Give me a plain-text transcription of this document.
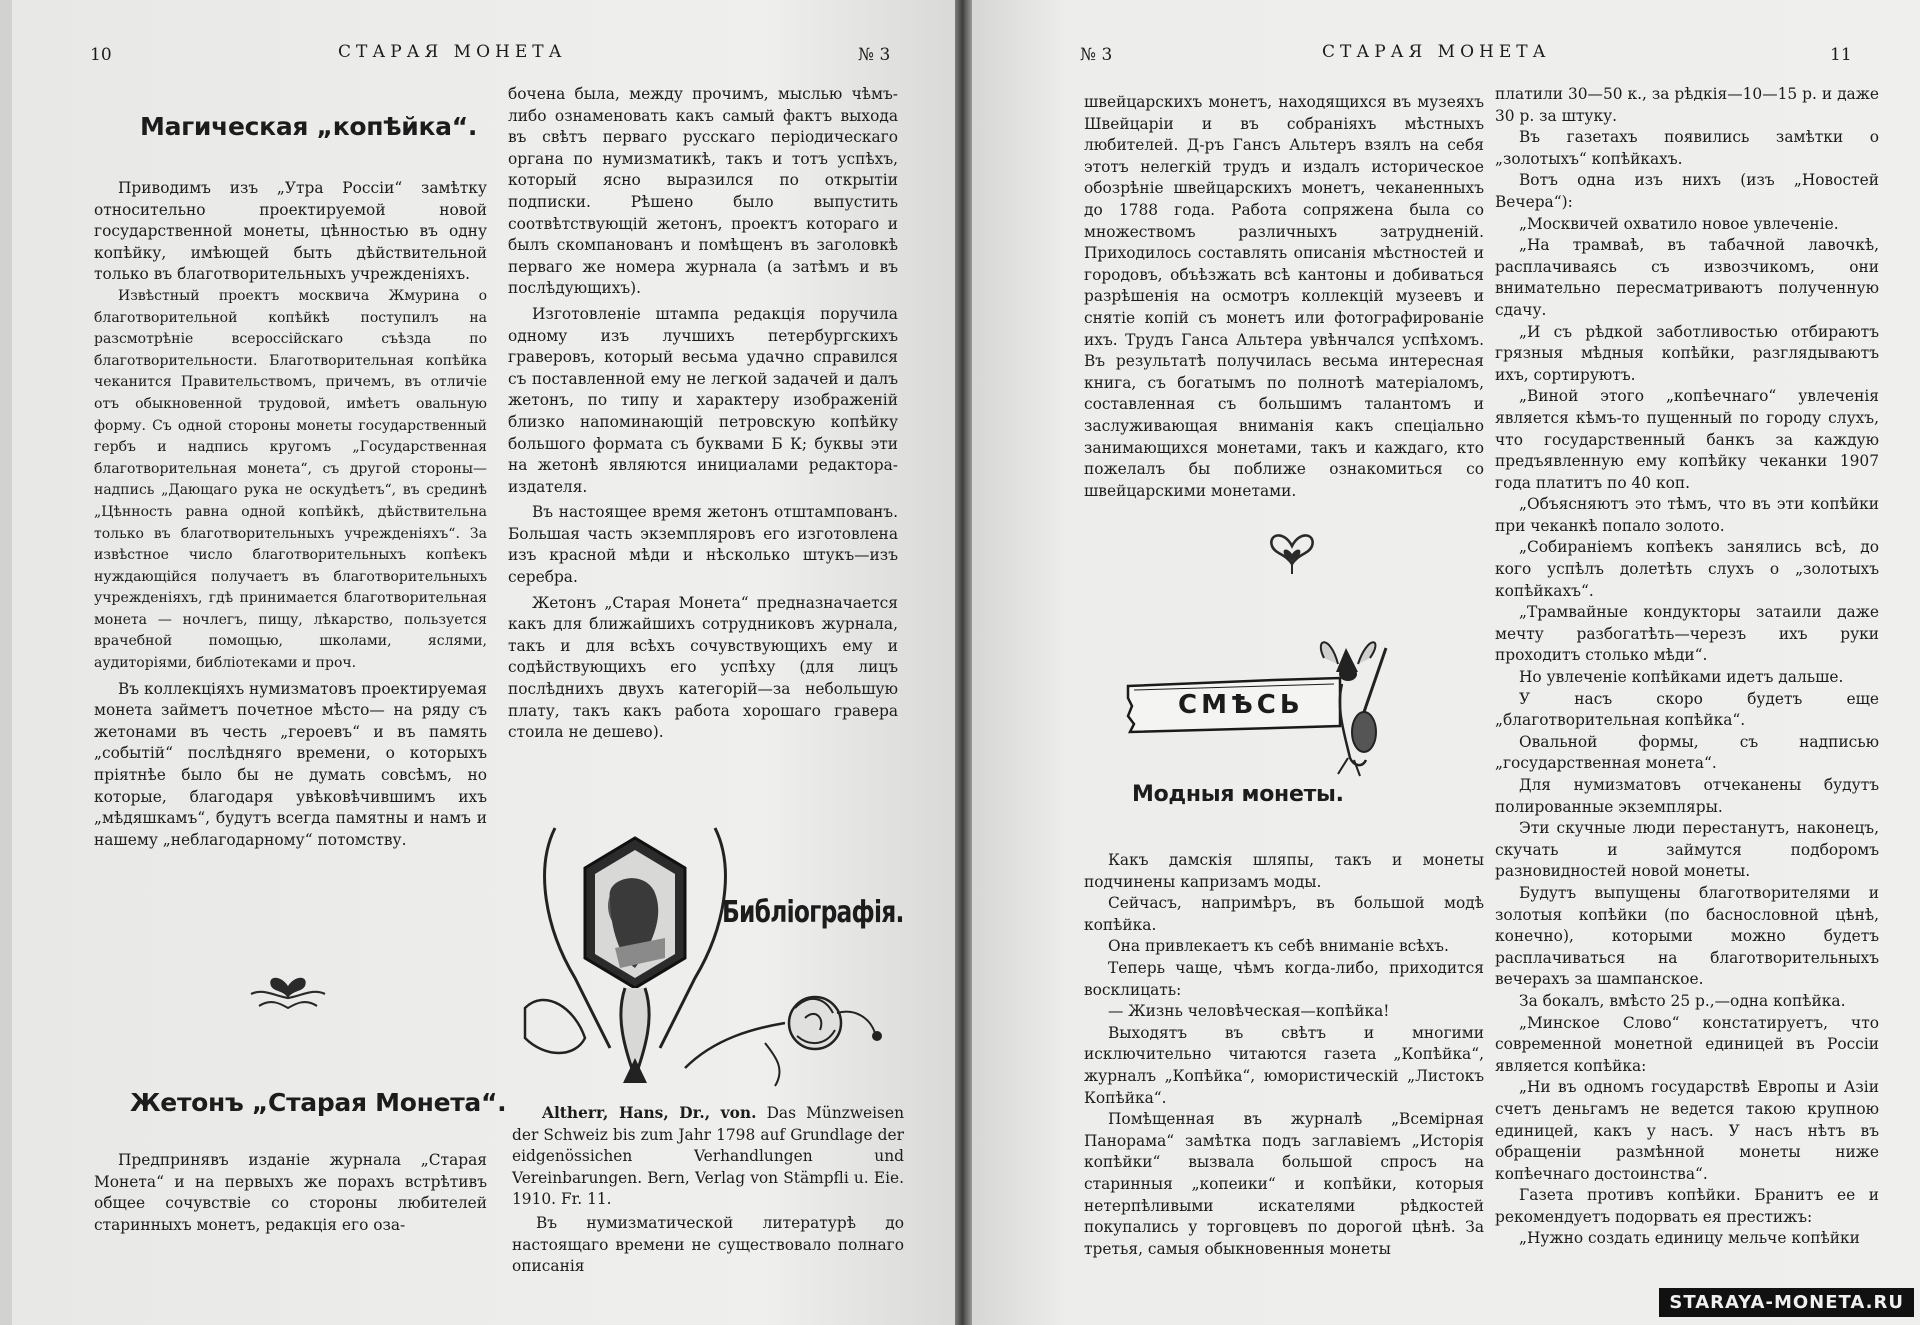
10	СТАРАЯ МОНЕТА	№ 3
Магическая „копѣйка“.

Приводимъ изъ „Утра Россiи“ замѣтку относительно проектируемой новой государственной монеты, цѣнностью въ одну копѣйку, имѣющей быть дѣйствительной только въ благотворительныхъ учрежденiяхъ.

Извѣстный проектъ москвича Жмурина о благотворительной копѣйкѣ поступилъ на разсмотрѣнiе всероссiйскаго съѣзда по благотворительности. Благотворительная копѣйка чеканится Правительствомъ, причемъ, въ отличiе отъ обыкновенной трудовой, имѣетъ овальную форму. Съ одной стороны монеты государственный гербъ и надпись кругомъ „Государственная благотворительная монета“, съ другой стороны—надпись „Дающаго рука не оскудѣетъ“, въ срединѣ „Цѣнность равна одной копѣйкѣ, дѣйствительна только въ благотворительныхъ учрежденiяхъ“. За извѣстное число благотворительныхъ копѣекъ нуждающiйся получаетъ въ благотворительныхъ учрежденiяхъ, гдѣ принимается благотворительная монета — ночлегъ, пищу, лѣкарство, пользуется врачебной помощью, школами, яслями, аудиторiями, библiотеками и проч.

Въ коллекцiяхъ нумизматовъ проектируемая монета займетъ почетное мѣсто— на ряду съ жетонами въ честь „героевъ“ и въ память „событiй“ послѣдняго времени, о которыхъ прiятнѣе было бы не думать совсѣмъ, но которые, благодаря увѣковѣчившимъ ихъ „мѣдяшкамъ“, будутъ всегда памятны и намъ и нашему „неблагодарному“ потомству.

Жетонъ „Старая Монета“.

Предпринявъ изданiе журнала „Старая Монета“ и на первыхъ же порахъ встрѣтивъ общее сочувствiе со стороны любителей старинныхъ монетъ, редакцiя его оза-

бочена была, между прочимъ, мыслью чѣмъ-либо ознаменовать какъ самый фактъ выхода въ свѣтъ перваго русскаго перiодическаго органа по нумизматикѣ, такъ и тотъ успѣхъ, который ясно выразился по открытiи подписки. Рѣшено было выпустить соотвѣтствующiй жетонъ, проектъ котораго и былъ скомпанованъ и помѣщенъ въ заголовкѣ перваго же номера журнала (а затѣмъ и въ послѣдующихъ).

Изготовленiе штампа редакцiя поручила одному изъ лучшихъ петербургскихъ граверовъ, который весьма удачно справился съ поставленной ему не легкой задачей и далъ жетонъ, по типу и характеру изображенiй близко напоминающiй петровскую копѣйку большого формата съ буквами Б К; буквы эти на жетонѣ являются инициалами редактора-издателя.

Въ настоящее время жетонъ отштампованъ. Большая часть экземпляровъ его изготовлена изъ красной мѣди и нѣсколько штукъ—изъ серебра.

Жетонъ „Старая Монета“ предназначается какъ для ближайшихъ сотрудниковъ журнала, такъ и для всѣхъ сочувствующихъ ему и содѣйствующихъ его успѣху (для лицъ послѣднихъ двухъ категорiй—за небольшую плату, такъ какъ работа хорошаго гравера стоила не дешево).

Библiографiя.

Altherr, Hans, Dr., von. Das Münzweisen der Schweiz bis zum Jahr 1798 auf Grundlage der eidgenössichen Verhandlungen und Vereinbarungen. Bern, Verlag von Stämpfli u. Eie. 1910. Fr. 11.

Въ нумизматической литературѣ до настоящаго времени не существовало полнаго описанiя

№ 3	СТАРАЯ МОНЕТА	11

швейцарскихъ монетъ, находящихся въ музеяхъ Швейцарiи и въ собранiяхъ мѣстныхъ любителей. Д-ръ Гансъ Альтеръ взялъ на себя этотъ нелегкiй трудъ и издалъ историческое обозрѣнiе швейцарскихъ монетъ, чеканенныхъ до 1788 года. Работа сопряжена была со множествомъ различныхъ затрудненiй. Приходилось составлять описанiя мѣстностей и городовъ, объѣзжать всѣ кантоны и добиваться разрѣшенiя на осмотръ коллекцiй музеевъ и снятiе копiй съ монетъ или фотографированiе ихъ. Трудъ Ганса Альтера увѣнчался успѣхомъ. Въ результатѣ получилась весьма интересная книга, съ богатымъ по полнотѣ матерiаломъ, составленная съ большимъ талантомъ и заслуживающая вниманiя какъ спецiально занимающихся монетами, такъ и каждаго, кто пожелалъ бы поближе ознакомиться со швейцарскими монетами.

СМѢСЬ
Модныя монеты.

Какъ дамскiя шляпы, такъ и монеты подчинены капризамъ моды.

Сейчасъ, напримѣръ, въ большой модѣ копѣйка.

Она привлекаетъ къ себѣ вниманiе всѣхъ.

Теперь чаще, чѣмъ когда-либо, приходится восклицать:

— Жизнь человѣческая—копѣйка!

Выходятъ въ свѣтъ и многими исключительно читаются газета „Копѣйка“, журналъ „Копѣйка“, юмористическiй „Листокъ Копѣйка“.

Помѣщенная въ журналѣ „Всемiрная Панорама“ замѣтка подъ заглавiемъ „Исторiя копѣйки“ вызвала большой спросъ на старинныя „копеики“ и копѣйки, которыя нетерпѣливыми искателями рѣдкостей покупались у торговцевъ по дорогой цѣнѣ. За третья, самыя обыкновенныя монеты

платили 30—50 к., за рѣдкiя—10—15 р. и даже 30 р. за штуку.

Въ газетахъ появились замѣтки о „золотыхъ“ копѣйкахъ.

Вотъ одна изъ нихъ (изъ „Новостей Вечера“):

„Москвичей охватило новое увлеченiе.

„На трамваѣ, въ табачной лавочкѣ, расплачиваясь съ извозчикомъ, они внимательно пересматриваютъ полученную сдачу.

„И съ рѣдкой заботливостью отбираютъ грязныя мѣдныя копѣйки, разглядываютъ ихъ, сортируютъ.

„Виной этого „копѣечнаго“ увлеченiя является кѣмъ-то пущенный по городу слухъ, что государственный банкъ за каждую предъявленную ему копѣйку чеканки 1907 года платитъ по 40 коп.

„Объясняютъ это тѣмъ, что въ эти копѣйки при чеканкѣ попало золото.

„Собиранiемъ копѣекъ занялись всѣ, до кого успѣлъ долетѣть слухъ о „золотыхъ копѣйкахъ“.

„Трамвайные кондукторы затаили даже мечту разбогатѣть—черезъ ихъ руки проходитъ столько мѣди“.

Но увлеченiе копѣйками идетъ дальше.

У насъ скоро будетъ еще „благотворительная копѣйка“.

Овальной формы, съ надписью „государственная монета“.

Для нумизматовъ отчеканены будутъ полированные экземпляры.

Эти скучные люди перестанутъ, наконецъ, скучать и займутся подборомъ разновидностей новой монеты.

Будутъ выпущены благотворителями и золотыя копѣйки (по баснословной цѣнѣ, конечно), которыми можно будетъ расплачиваться на благотворительныхъ вечерахъ за шампанское.

За бокалъ, вмѣсто 25 р.,—одна копѣйка.

„Минское Слово“ констатируетъ, что современной монетной единицей въ Россiи является копѣйка:

„Ни въ одномъ государствѣ Европы и Азiи счетъ деньгамъ не ведется такою крупною единицей, какъ у насъ. У насъ нѣтъ въ обращенiи размѣнной монеты ниже копѣечнаго достоинства“.

Газета противъ копѣйки. Бранитъ ее и рекомендуетъ подорвать ея престижъ:

„Нужно создать единицу мельче копѣйки

STARAYA-MONETA.RU
